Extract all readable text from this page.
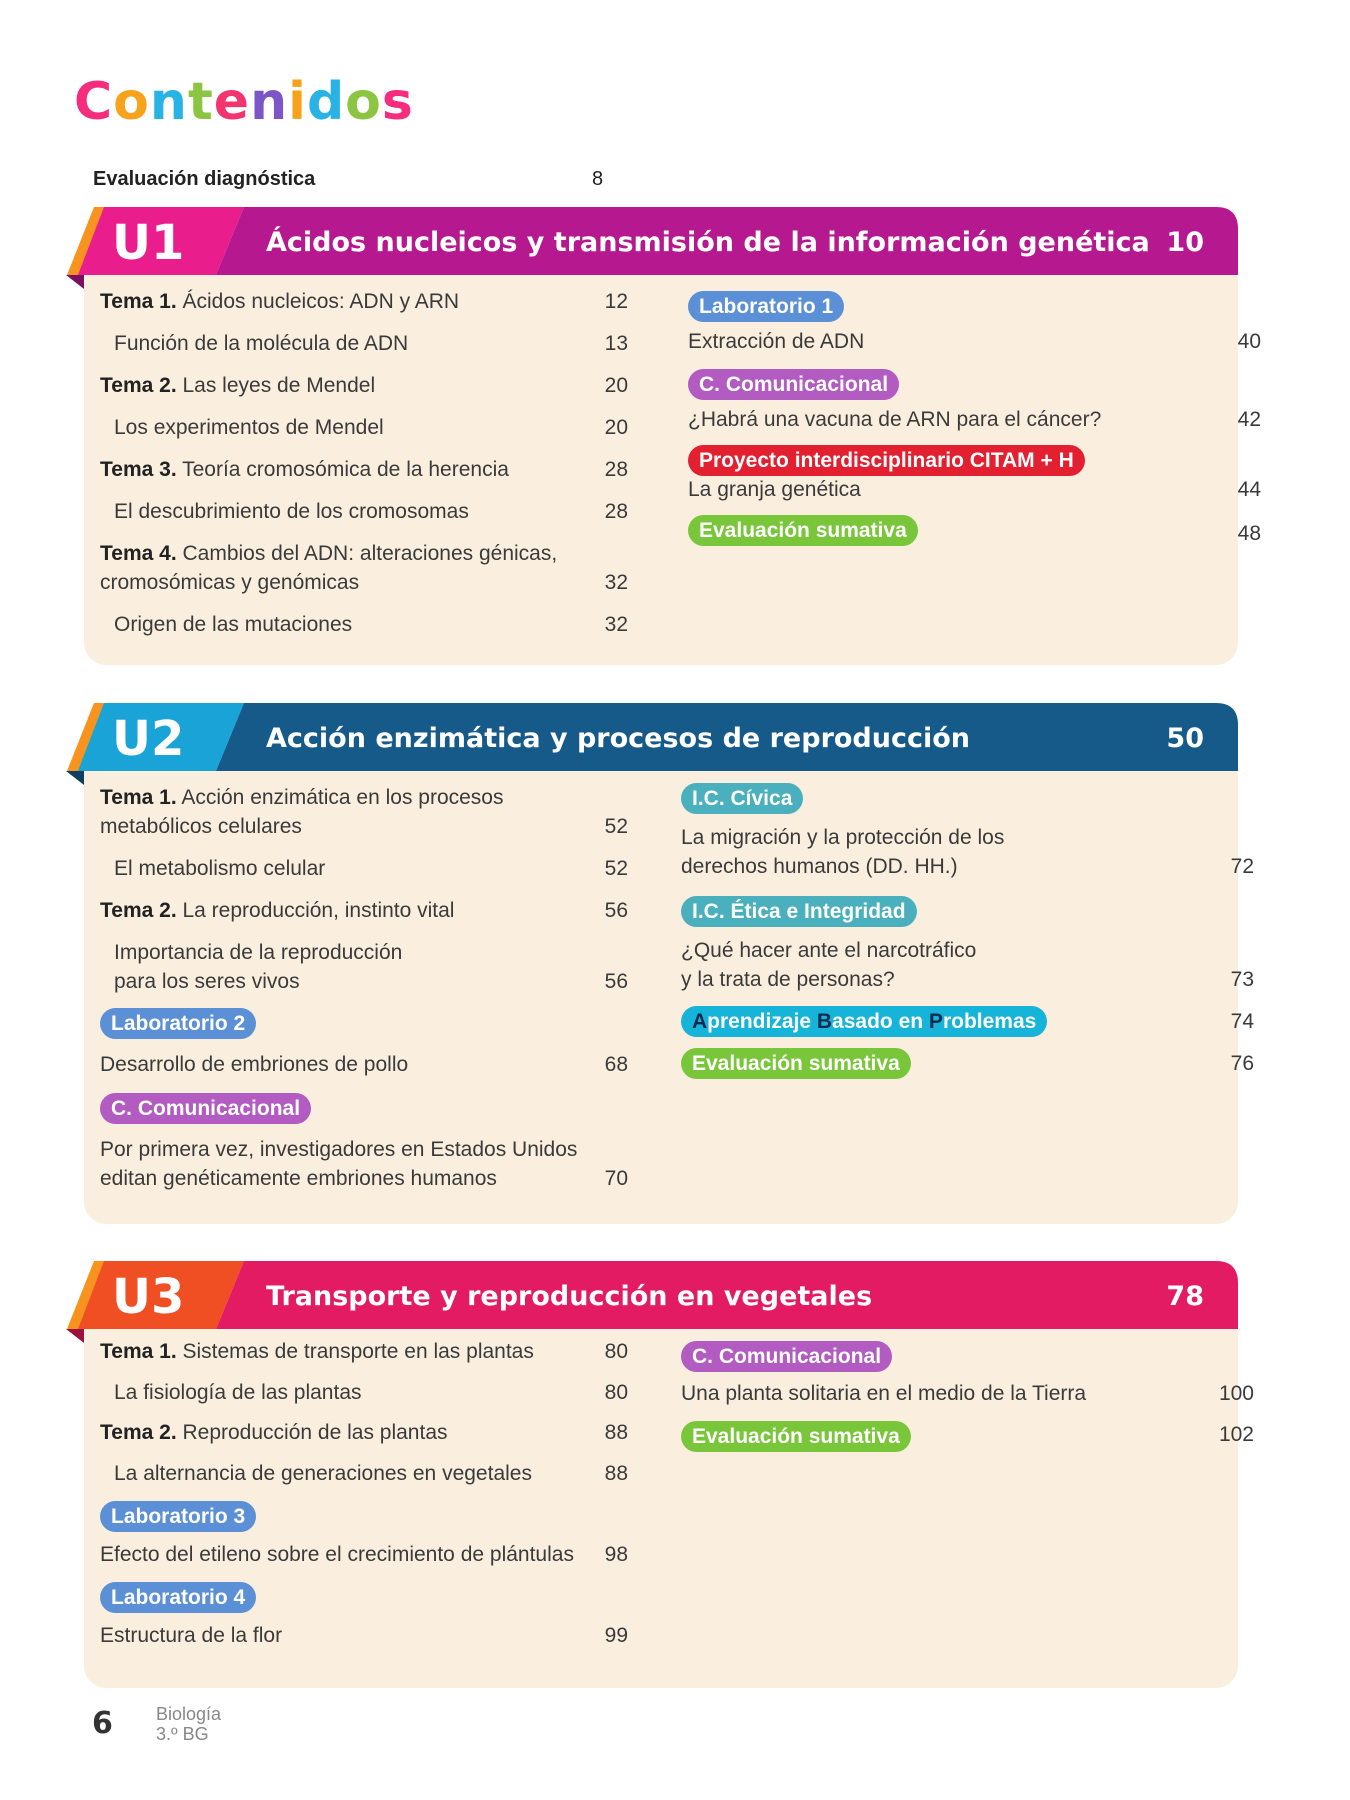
Contenidos
Evaluación diagnóstica	8
U1	Ácidos nucleicos y transmisión de la información genética 10
Tema 1. Ácidos nucleicos: ADN y ARN	12
Función de la molécula de ADN	13
Tema 2. Las leyes de Mendel	20
Los experimentos de Mendel	20
Tema 3. Teoría cromosómica de la herencia	28
El descubrimiento de los cromosomas	28
Tema 4. Cambios del ADN: alteraciones génicas,
cromosómicas y genómicas	32
Origen de las mutaciones	32
Laboratorio 1
Extracción de ADN	40
C. Comunicacional
¿Habrá una vacuna de ARN para el cáncer?	42
Proyecto interdisciplinario CITAM + H
La granja genética	44
Evaluación sumativa	48
U2	Acción enzimática y procesos de reproducción	50
Tema 1. Acción enzimática en los procesos
metabólicos celulares	52
El metabolismo celular	52
Tema 2. La reproducción, instinto vital	56
Importancia de la reproducción
para los seres vivos	56
Laboratorio 2
Desarrollo de embriones de pollo	68
C. Comunicacional
Por primera vez, investigadores en Estados Unidos
editan genéticamente embriones humanos	70
I.C. Cívica
La migración y la protección de los
derechos humanos (DD. HH.)	72
I.C. Ética e Integridad
¿Qué hacer ante el narcotráfico
y la trata de personas?	73
Aprendizaje Basado en Problemas	74
Evaluación sumativa	76
U3	Transporte y reproducción en vegetales	78
Tema 1. Sistemas de transporte en las plantas	80
La fisiología de las plantas	80
Tema 2. Reproducción de las plantas	88
La alternancia de generaciones en vegetales	88
Laboratorio 3
Efecto del etileno sobre el crecimiento de plántulas	98
Laboratorio 4
Estructura de la flor	99
C. Comunicacional
Una planta solitaria en el medio de la Tierra	100
Evaluación sumativa	102
6 Biología
3.º BG
